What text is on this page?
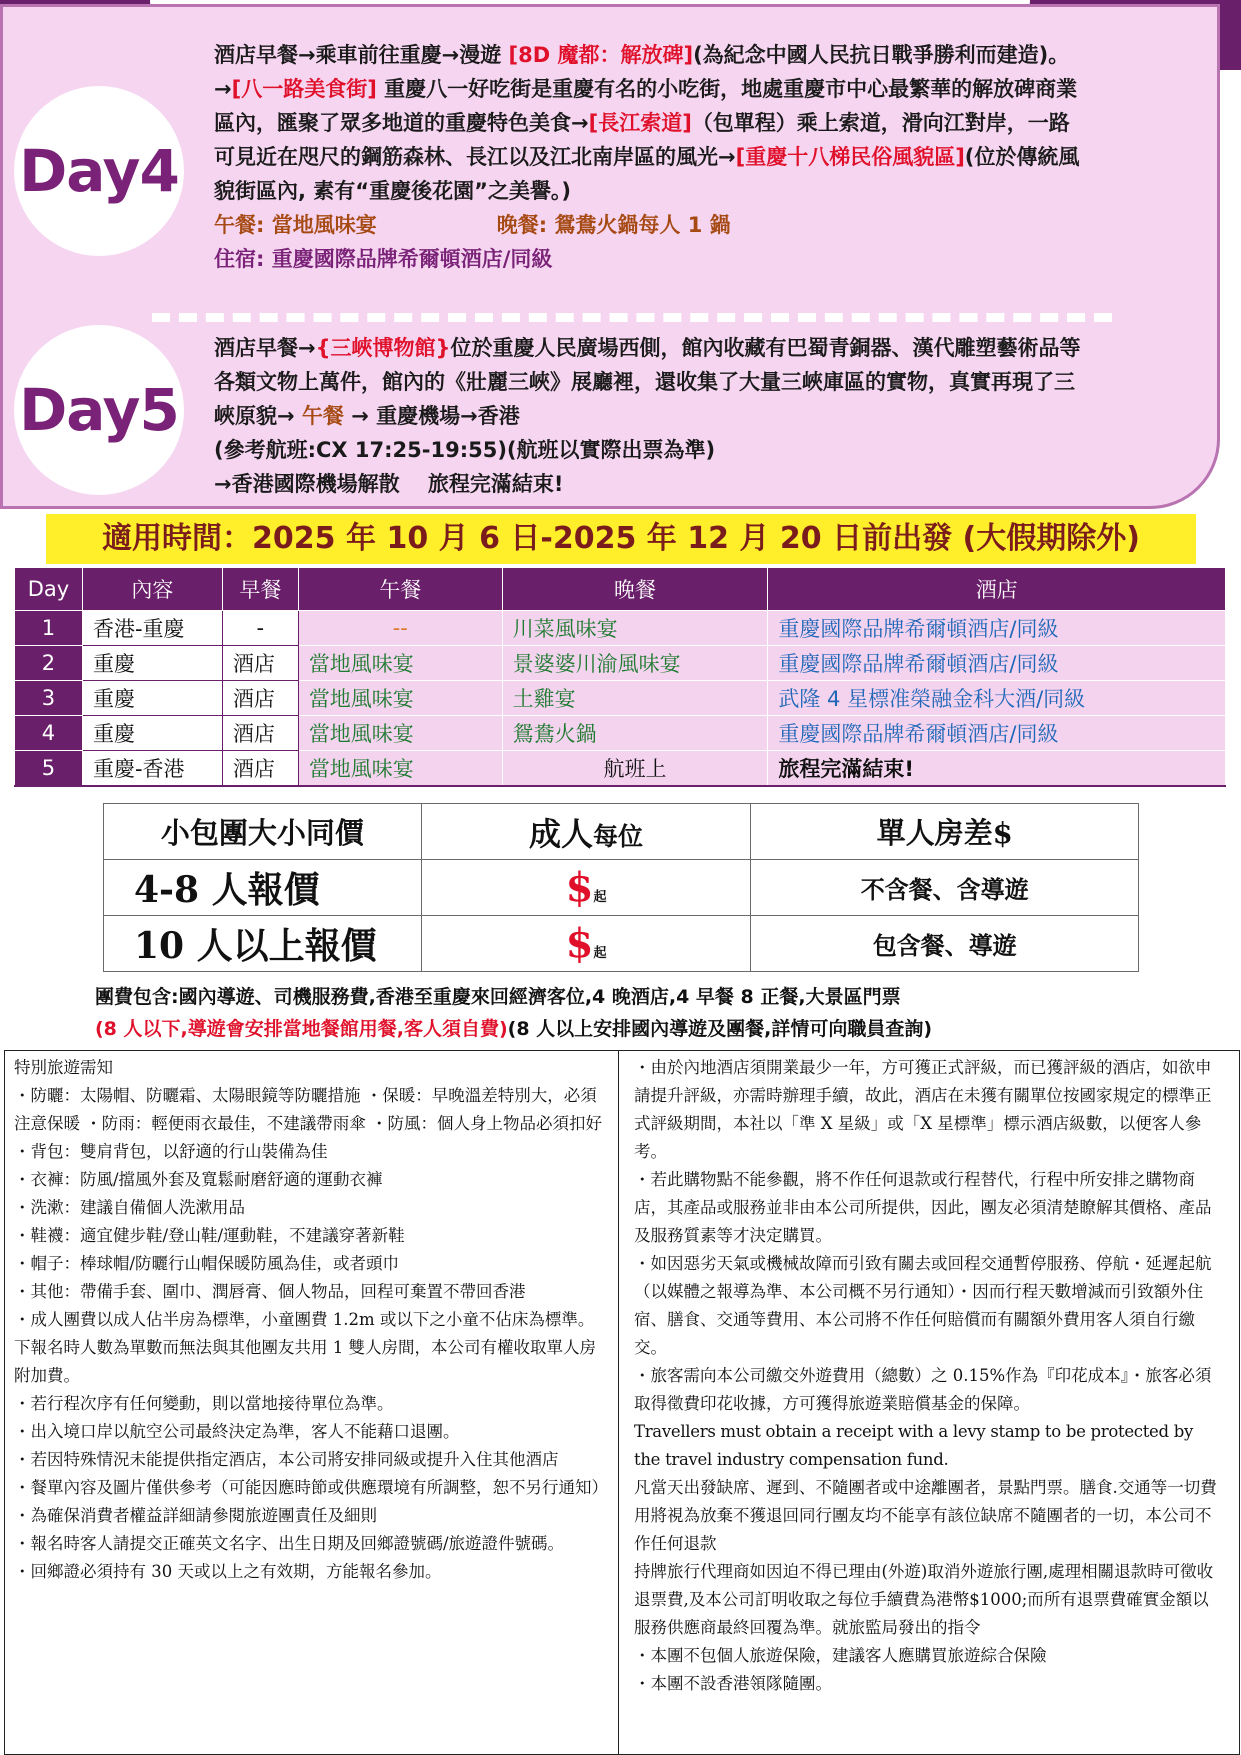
Day4
酒店早餐→乘車前往重慶→漫遊 [8D 魔都：解放碑](為紀念中國人民抗日戰爭勝利而建造)。→[八一路美食街] 重慶八一好吃街是重慶有名的小吃街，地處重慶市中心最繁華的解放碑商業區內，匯聚了眾多地道的重慶特色美食→[長江索道]（包單程）乘上索道，滑向江對岸，一路可見近在咫尺的鋼筋森林、長江以及江北南岸區的風光→[重慶十八梯民俗風貌區](位於傳統風貌街區內, 素有“重慶後花園”之美譽。)
午餐: 當地風味宴	晚餐: 鴛鴦火鍋每人 1 鍋
住宿: 重慶國際品牌希爾頓酒店/同級
Day5
酒店早餐→{三峽博物館}位於重慶人民廣場西側，館內收藏有巴蜀青銅器、漢代雕塑藝術品等各類文物上萬件，館內的《壯麗三峽》展廳裡，還收集了大量三峽庫區的實物，真實再現了三峽原貌→ 午餐 → 重慶機場→香港
(參考航班:CX 17:25-19:55)(航班以實際出票為準)
→香港國際機場解散 　旅程完滿結束!
適用時間：2025 年 10 月 6 日-2025 年 12 月 20 日前出發 (大假期除外)
Day	內容	早餐	午餐	晚餐	酒店
1	香港-重慶	-	--	川菜風味宴	重慶國際品牌希爾頓酒店/同級
2	重慶	酒店	當地風味宴	景婆婆川渝風味宴	重慶國際品牌希爾頓酒店/同級
3	重慶	酒店	當地風味宴	土雞宴	武隆 4 星標准榮融金科大酒/同級
4	重慶	酒店	當地風味宴	鴛鴦火鍋	重慶國際品牌希爾頓酒店/同級
5	重慶-香港	酒店	當地風味宴	航班上	旅程完滿結束!
小包團大小同價	成人每位	單人房差$
4-8 人報價	$起	不含餐、含導遊
10 人以上報價	$起	包含餐、導遊
團費包含:國內導遊、司機服務費,香港至重慶來回經濟客位,4 晚酒店,4 早餐 8 正餐,大景區門票
(8 人以下,導遊會安排當地餐館用餐,客人須自費)(8 人以上安排國內導遊及團餐,詳情可向職員查詢)

特別旅遊需知

・防曬：太陽帽、防曬霜、太陽眼鏡等防曬措施 ・保暖：早晚溫差特別大，必須注意保暖 ・防雨：輕便雨衣最佳，不建議帶雨傘 ・防風：個人身上物品必須扣好 ・背包：雙肩背包，以舒適的行山裝備為佳

・衣褲：防風/擋風外套及寬鬆耐磨舒適的運動衣褲

・洗漱：建議自備個人洗漱用品

・鞋襪：適宜健步鞋/登山鞋/運動鞋，不建議穿著新鞋

・帽子：棒球帽/防曬行山帽保暖防風為佳，或者頭巾

・其他：帶備手套、圍巾、潤唇膏、個人物品，回程可棄置不帶回香港

・成人團費以成人佔半房為標準，小童團費 1.2m 或以下之小童不佔床為標準。

下報名時人數為單數而無法與其他團友共用 1 雙人房間，本公司有權收取單人房附加費。

・若行程次序有任何變動，則以當地接待單位為準。

・出入境口岸以航空公司最終決定為準，客人不能藉口退團。

・若因特殊情況未能提供指定酒店，本公司將安排同級或提升入住其他酒店

・餐單內容及圖片僅供參考（可能因應時節或供應環境有所調整，恕不另行通知）

・為確保消費者權益詳細請參閱旅遊團責任及細則

・報名時客人請提交正確英文名字、出生日期及回鄉證號碼/旅遊證件號碼。

・回鄉證必須持有 30 天或以上之有效期，方能報名參加。

・由於內地酒店須開業最少一年，方可獲正式評級，而已獲評級的酒店，如欲申請提升評級，亦需時辦理手續，故此，酒店在未獲有關單位按國家規定的標準正式評級期間，本社以「準 X 星級」或「X 星標準」標示酒店級數，以便客人參考。

・若此購物點不能參觀，將不作任何退款或行程替代，行程中所安排之購物商店，其產品或服務並非由本公司所提供，因此，團友必須清楚瞭解其價格、產品及服務質素等才決定購買。

・如因惡劣天氣或機械故障而引致有關去或回程交通暫停服務、停航・延遲起航（以媒體之報導為準、本公司概不另行通知）・因而行程天數增減而引致額外住宿、膳食、交通等費用、本公司將不作任何賠償而有關額外費用客人須自行繳交。

・旅客需向本公司繳交外遊費用（總數）之 0.15%作為『印花成本』・旅客必須取得徵費印花收據，方可獲得旅遊業賠償基金的保障。

Travellers must obtain a receipt with a levy stamp to be protected by the travel industry compensation fund.

凡當天出發缺席、遲到、不隨團者或中途離團者，景點門票。膳食.交通等一切費用將視為放棄不獲退回同行團友均不能享有該位缺席不隨團者的一切，本公司不作任何退款

持牌旅行代理商如因迫不得已理由(外遊)取消外遊旅行團,處理相關退款時可徵收退票費,及本公司訂明收取之每位手續費為港幣$1000;而所有退票費確實金額以服務供應商最終回覆為準。就旅監局發出的指令

・本團不包個人旅遊保險，建議客人應購買旅遊綜合保險

・本團不設香港領隊隨團。
